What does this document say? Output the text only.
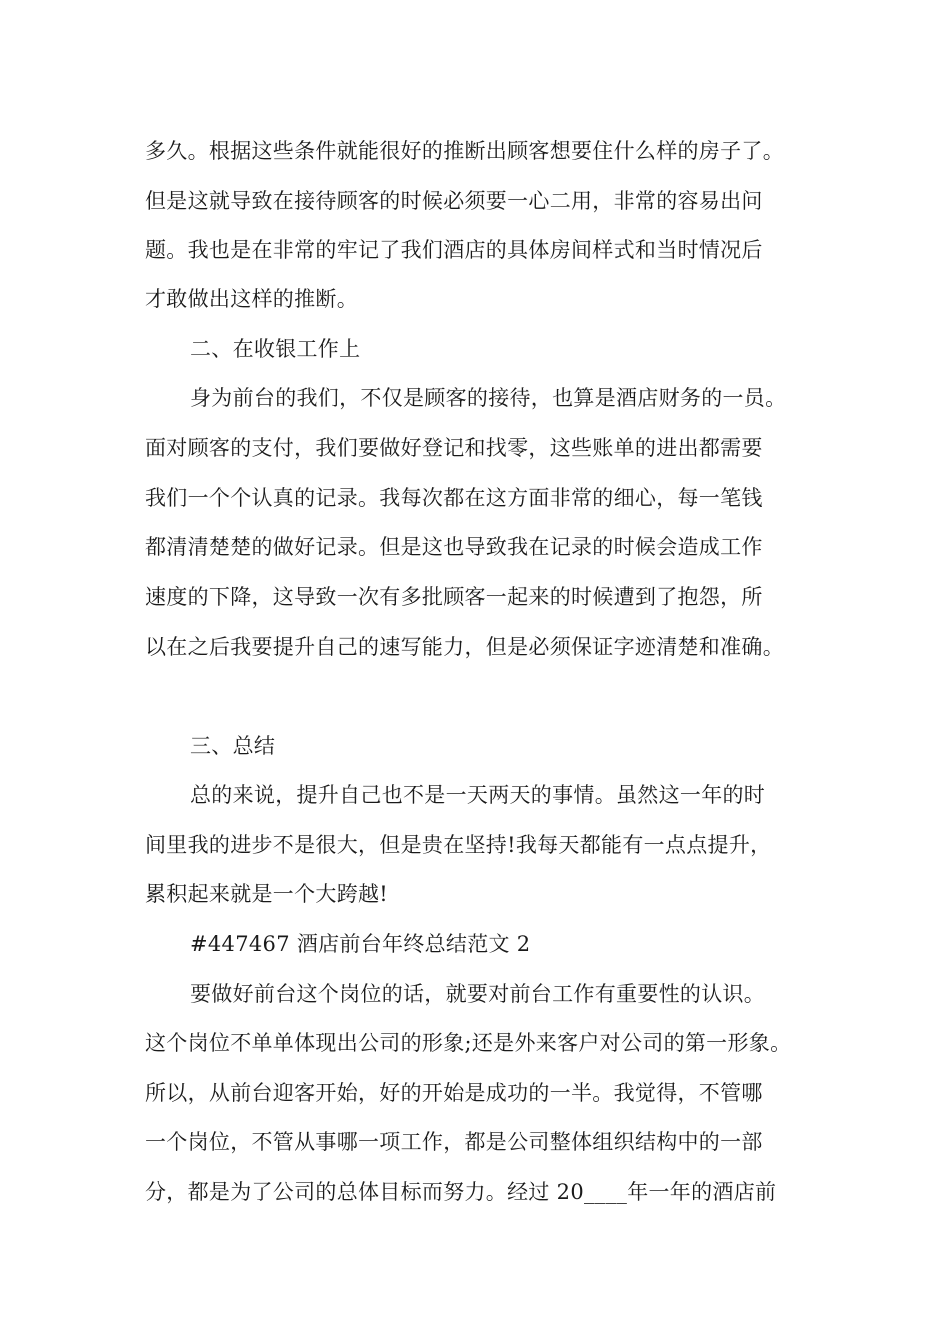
多久。根据这些条件就能很好的推断出顾客想要住什么样的房子了。
但是这就导致在接待顾客的时候必须要一心二用，非常的容易出问
题。我也是在非常的牢记了我们酒店的具体房间样式和当时情况后
才敢做出这样的推断。
二、在收银工作上
身为前台的我们，不仅是顾客的接待，也算是酒店财务的一员。
面对顾客的支付，我们要做好登记和找零，这些账单的进出都需要
我们一个个认真的记录。我每次都在这方面非常的细心，每一笔钱
都清清楚楚的做好记录。但是这也导致我在记录的时候会造成工作
速度的下降，这导致一次有多批顾客一起来的时候遭到了抱怨，所
以在之后我要提升自己的速写能力，但是必须保证字迹清楚和准确。
三、总结
总的来说，提升自己也不是一天两天的事情。虽然这一年的时
间里我的进步不是很大，但是贵在坚持!我每天都能有一点点提升，
累积起来就是一个大跨越!
#447467 酒店前台年终总结范文 2
要做好前台这个岗位的话，就要对前台工作有重要性的认识。
这个岗位不单单体现出公司的形象;还是外来客户对公司的第一形象。
所以，从前台迎客开始，好的开始是成功的一半。我觉得，不管哪
一个岗位，不管从事哪一项工作，都是公司整体组织结构中的一部
分，都是为了公司的总体目标而努力。经过 20____年一年的酒店前
